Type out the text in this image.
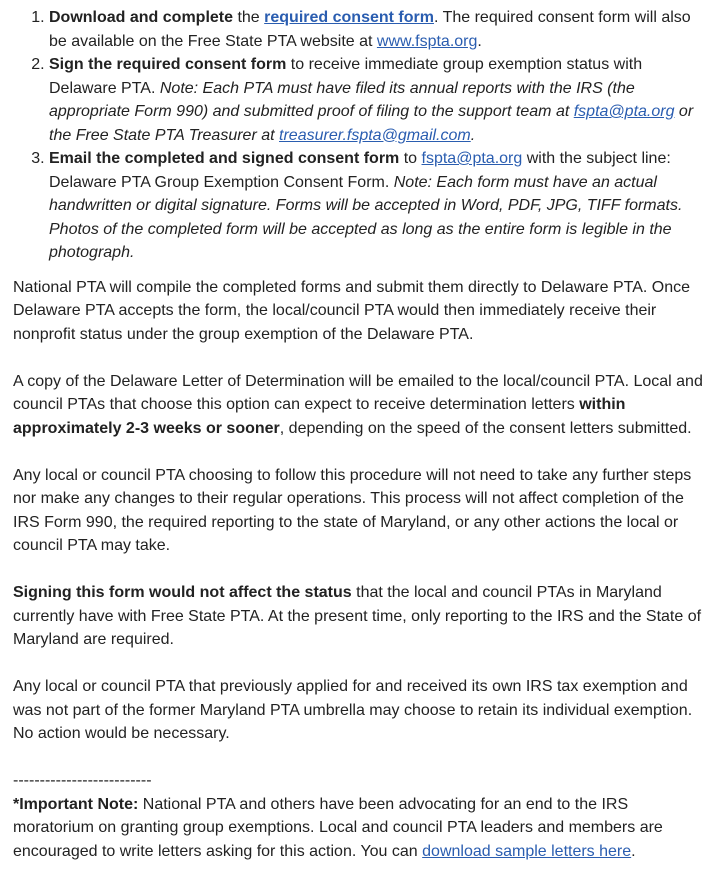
1. Download and complete the required consent form. The required consent form will also be available on the Free State PTA website at www.fspta.org.
2. Sign the required consent form to receive immediate group exemption status with Delaware PTA. Note: Each PTA must have filed its annual reports with the IRS (the appropriate Form 990) and submitted proof of filing to the support team at fspta@pta.org or the Free State PTA Treasurer at treasurer.fspta@gmail.com.
3. Email the completed and signed consent form to fspta@pta.org with the subject line: Delaware PTA Group Exemption Consent Form. Note: Each form must have an actual handwritten or digital signature. Forms will be accepted in Word, PDF, JPG, TIFF formats. Photos of the completed form will be accepted as long as the entire form is legible in the photograph.

National PTA will compile the completed forms and submit them directly to Delaware PTA. Once Delaware PTA accepts the form, the local/council PTA would then immediately receive their nonprofit status under the group exemption of the Delaware PTA.

A copy of the Delaware Letter of Determination will be emailed to the local/council PTA. Local and council PTAs that choose this option can expect to receive determination letters within approximately 2-3 weeks or sooner, depending on the speed of the consent letters submitted.

Any local or council PTA choosing to follow this procedure will not need to take any further steps nor make any changes to their regular operations. This process will not affect completion of the IRS Form 990, the required reporting to the state of Maryland, or any other actions the local or council PTA may take.

Signing this form would not affect the status that the local and council PTAs in Maryland currently have with Free State PTA. At the present time, only reporting to the IRS and the State of Maryland are required.

Any local or council PTA that previously applied for and received its own IRS tax exemption and was not part of the former Maryland PTA umbrella may choose to retain its individual exemption. No action would be necessary.

--------------------------

*Important Note: National PTA and others have been advocating for an end to the IRS moratorium on granting group exemptions. Local and council PTA leaders and members are encouraged to write letters asking for this action. You can download sample letters here.
